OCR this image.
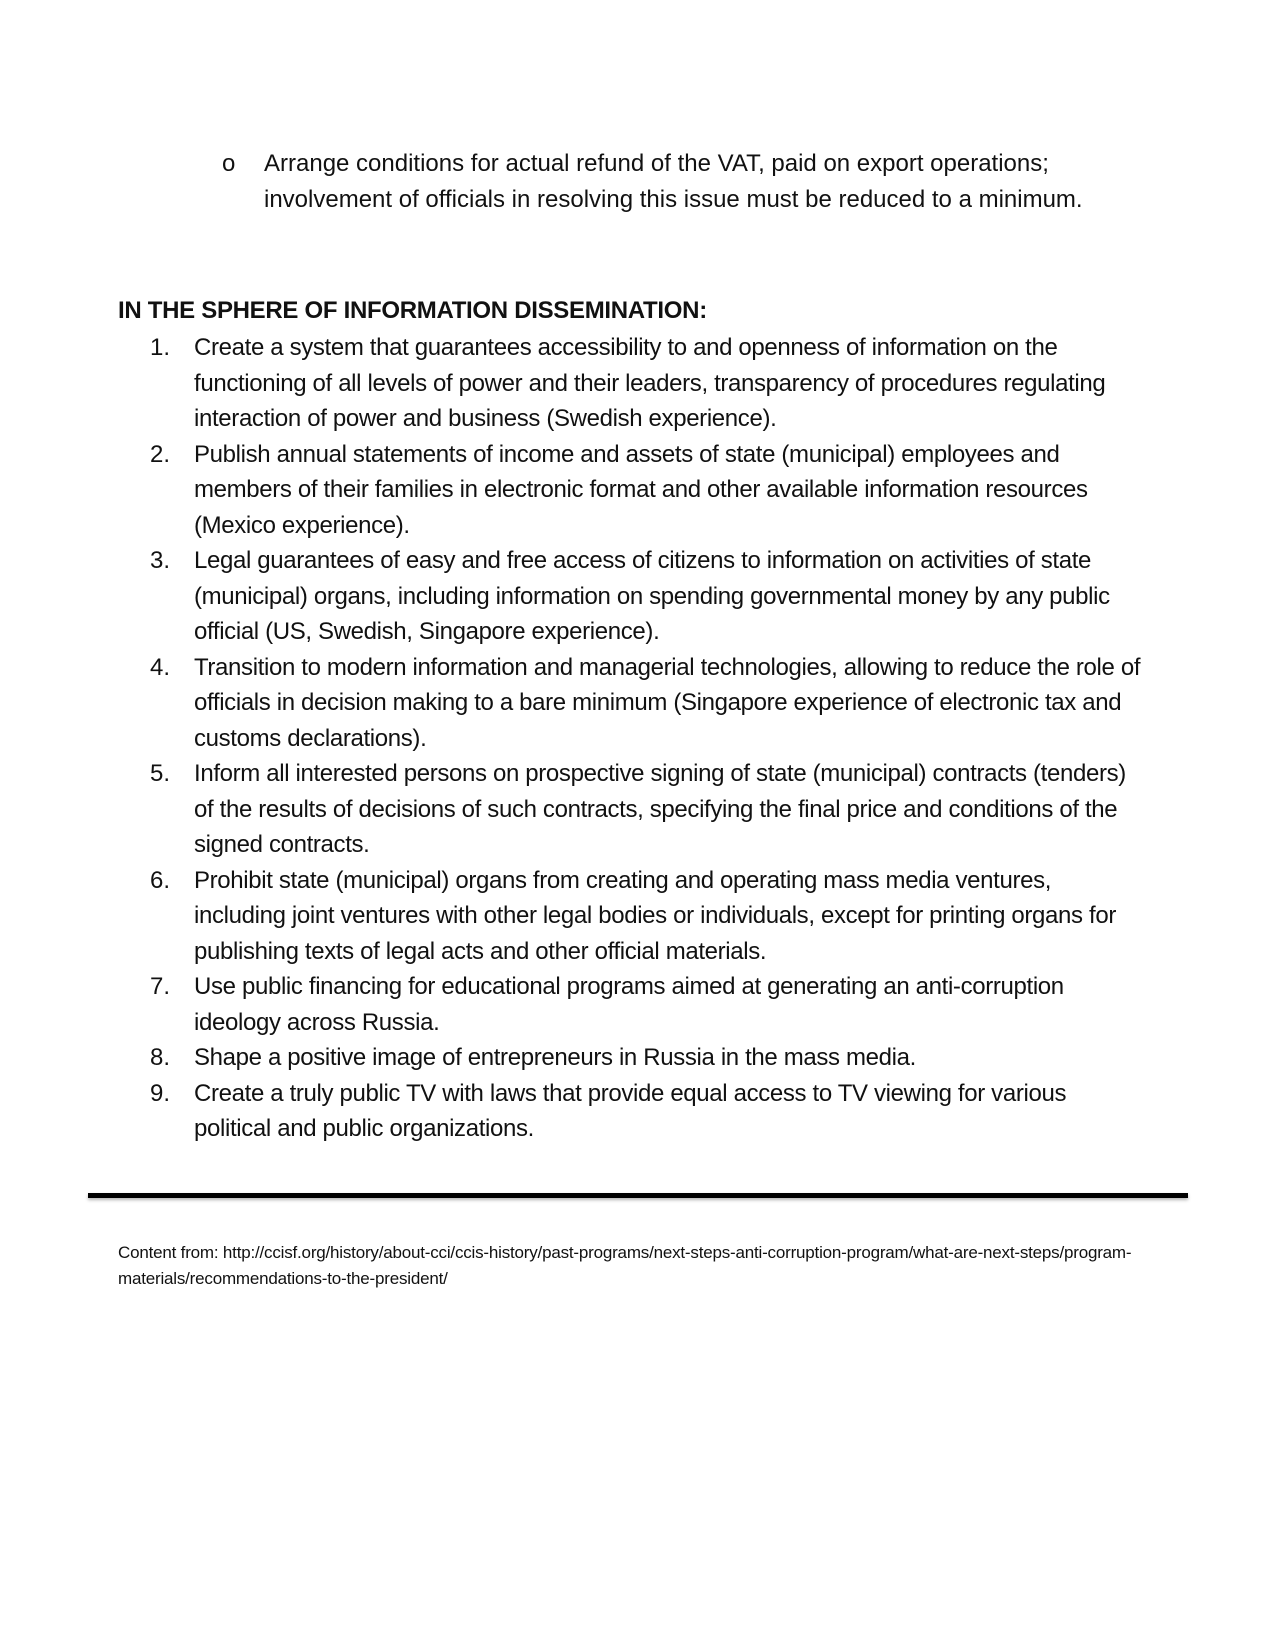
o	Arrange conditions for actual refund of the VAT, paid on export operations; involvement of officials in resolving this issue must be reduced to a minimum.
IN THE SPHERE OF INFORMATION DISSEMINATION:
1. Create a system that guarantees accessibility to and openness of information on the functioning of all levels of power and their leaders, transparency of procedures regulating interaction of power and business (Swedish experience).
2. Publish annual statements of income and assets of state (municipal) employees and members of their families in electronic format and other available information resources (Mexico experience).
3. Legal guarantees of easy and free access of citizens to information on activities of state (municipal) organs, including information on spending governmental money by any public official (US, Swedish, Singapore experience).
4. Transition to modern information and managerial technologies, allowing to reduce the role of officials in decision making to a bare minimum (Singapore experience of electronic tax and customs declarations).
5. Inform all interested persons on prospective signing of state (municipal) contracts (tenders) of the results of decisions of such contracts, specifying the final price and conditions of the signed contracts.
6. Prohibit state (municipal) organs from creating and operating mass media ventures, including joint ventures with other legal bodies or individuals, except for printing organs for publishing texts of legal acts and other official materials.
7. Use public financing for educational programs aimed at generating an anti-corruption ideology across Russia.
8. Shape a positive image of entrepreneurs in Russia in the mass media.
9. Create a truly public TV with laws that provide equal access to TV viewing for various political and public organizations.
Content from: http://ccisf.org/history/about-cci/ccis-history/past-programs/next-steps-anti-corruption-program/what-are-next-steps/program-materials/recommendations-to-the-president/
